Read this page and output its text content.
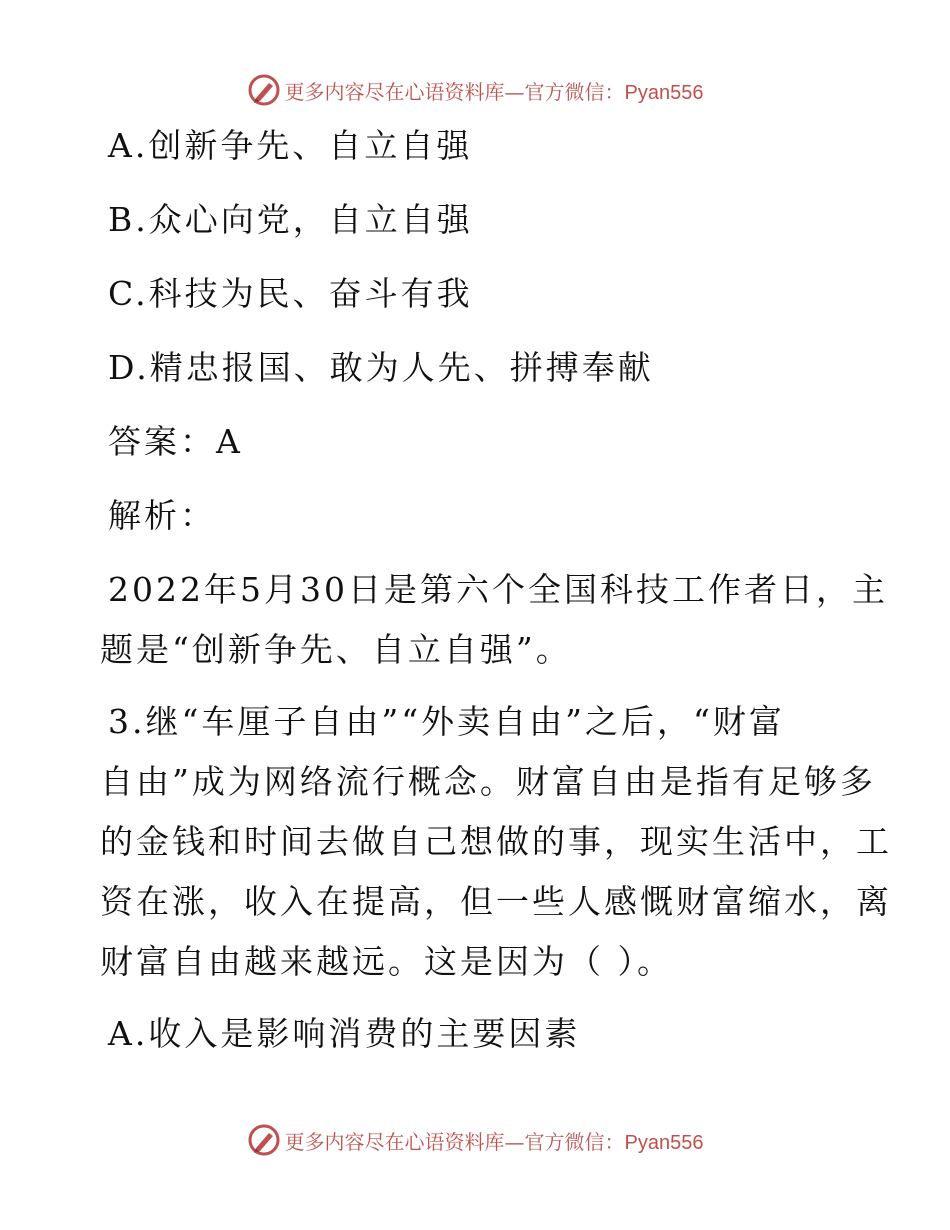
更多内容尽在心语资料库—官方微信：Pyan556
A.创新争先、自立自强
B.众心向党，自立自强
C.科技为民、奋斗有我
D.精忠报国、敢为人先、拼搏奉献
答案：A
解析：
2022年5月30日是第六个全国科技工作者日，主
题是“创新争先、自立自强”。
3.继“车厘子自由”“外卖自由”之后，“财富
自由”成为网络流行概念。财富自由是指有足够多
的金钱和时间去做自己想做的事，现实生活中，工
资在涨，收入在提高，但一些人感慨财富缩水，离
财富自由越来越远。这是因为（ ）。
A.收入是影响消费的主要因素
更多内容尽在心语资料库—官方微信：Pyan556
